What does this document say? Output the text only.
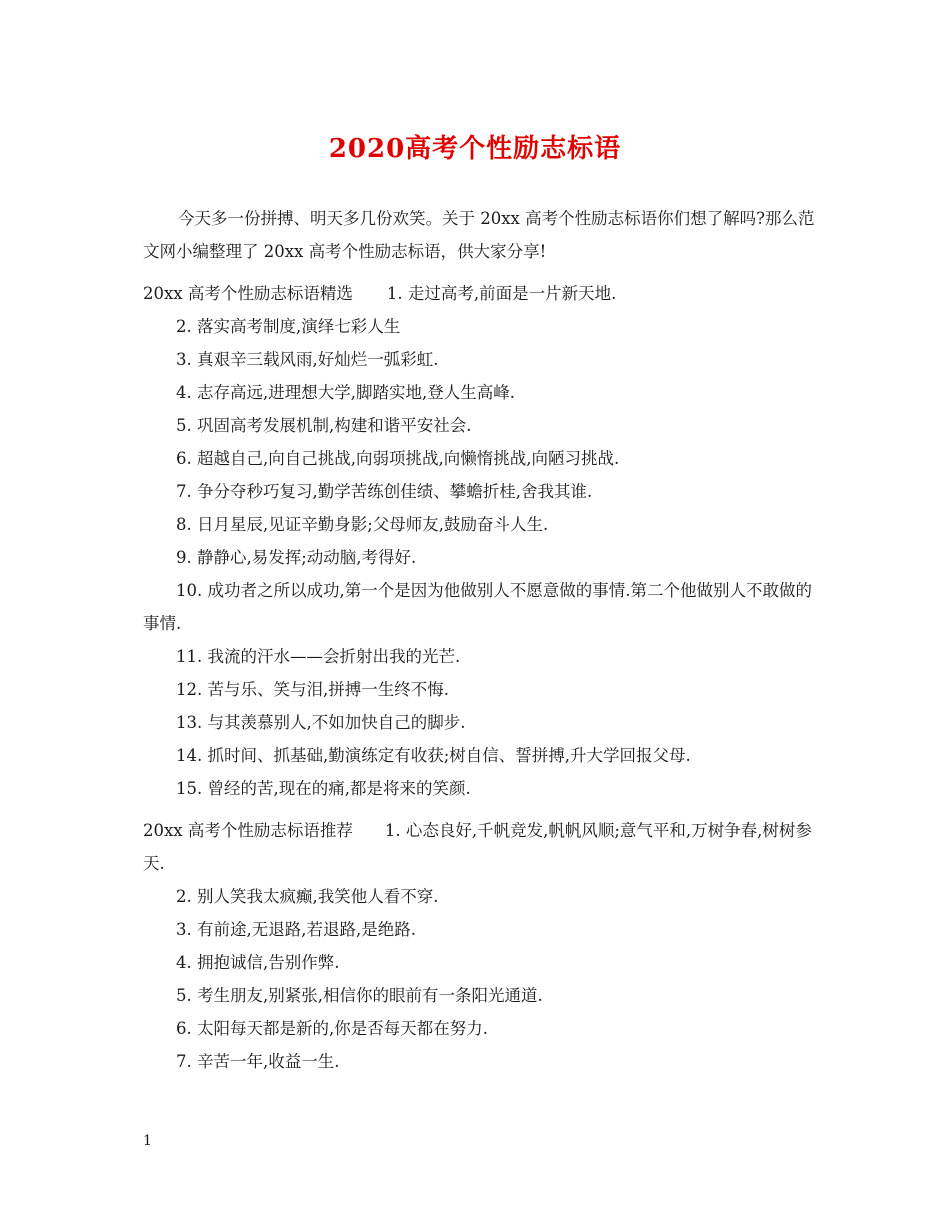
2020高考个性励志标语
今天多一份拼搏、明天多几份欢笑。关于 20xx 高考个性励志标语你们想了解吗?那么范文网小编整理了 20xx 高考个性励志标语，供大家分享!
20xx 高考个性励志标语精选 1. 走过高考,前面是一片新天地.
2. 落实高考制度,演绎七彩人生
3. 真艰辛三载风雨,好灿烂一弧彩虹.
4. 志存高远,进理想大学,脚踏实地,登人生高峰.
5. 巩固高考发展机制,构建和谐平安社会.
6. 超越自己,向自己挑战,向弱项挑战,向懒惰挑战,向陋习挑战.
7. 争分夺秒巧复习,勤学苦练创佳绩、攀蟾折桂,舍我其谁.
8. 日月星辰,见证辛勤身影;父母师友,鼓励奋斗人生.
9. 静静心,易发挥;动动脑,考得好.
10. 成功者之所以成功,第一个是因为他做别人不愿意做的事情.第二个他做别人不敢做的事情.
11. 我流的汗水——会折射出我的光芒.
12. 苦与乐、笑与泪,拼搏一生终不悔.
13. 与其羡慕别人,不如加快自己的脚步.
14. 抓时间、抓基础,勤演练定有收获;树自信、誓拼搏,升大学回报父母.
15. 曾经的苦,现在的痛,都是将来的笑颜.
20xx 高考个性励志标语推荐 1. 心态良好,千帆竞发,帆帆风顺;意气平和,万树争春,树树参天.
2. 别人笑我太疯癫,我笑他人看不穿.
3. 有前途,无退路,若退路,是绝路.
4. 拥抱诚信,告别作弊.
5. 考生朋友,别紧张,相信你的眼前有一条阳光通道.
6. 太阳每天都是新的,你是否每天都在努力.
7. 辛苦一年,收益一生.
1
